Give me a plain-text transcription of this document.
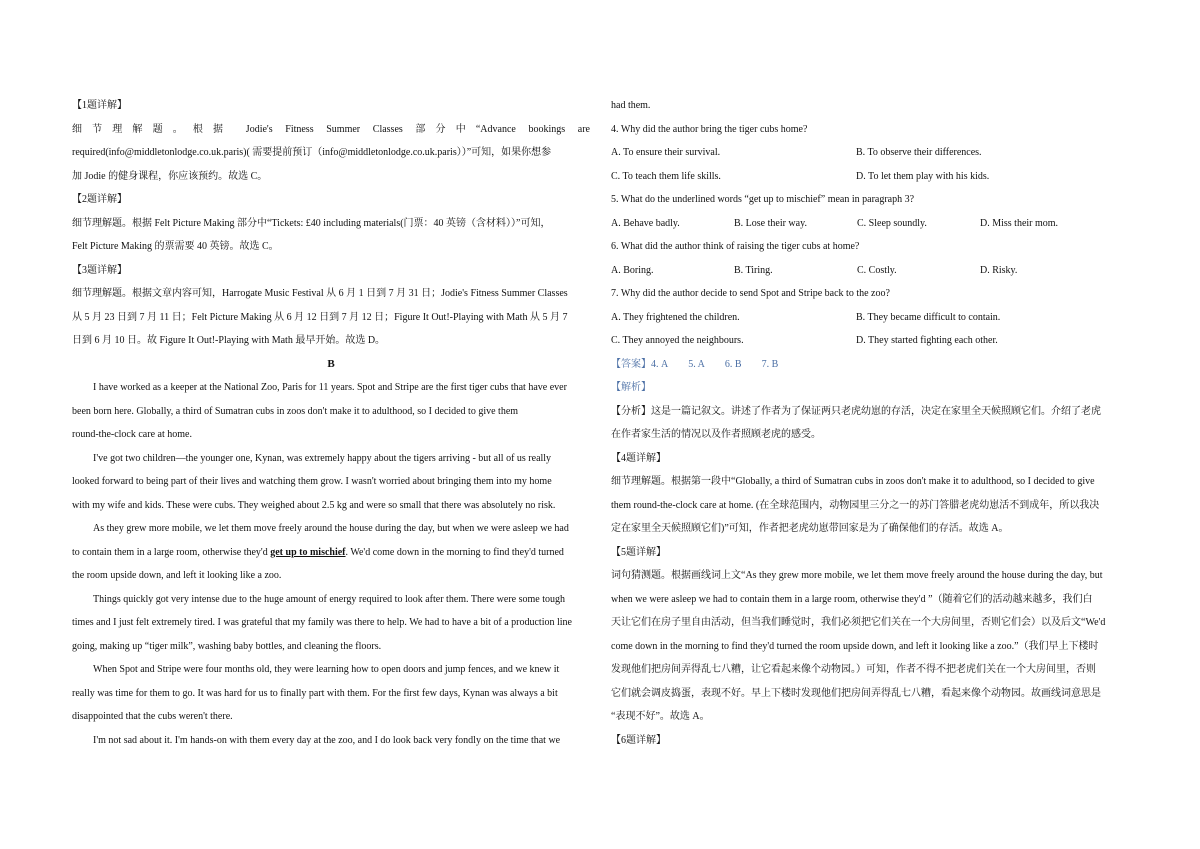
【1题详解】
细节理解题。根据 Jodie's Fitness Summer Classes 部分中“Advance bookings are
required(info@middletonlodge.co.uk.paris)( 需要提前预订（info@middletonlodge.co.uk.paris））”可知，如果你想参
加 Jodie 的健身课程，你应该预约。故选 C。
【2题详解】
细节理解题。根据 Felt Picture Making 部分中“Tickets: £40 including materials(门票：40 英镑（含材料））”可知，
Felt Picture Making 的票需要 40 英镑。故选 C。
【3题详解】
细节理解题。根据文章内容可知，Harrogate Music Festival 从 6 月 1 日到 7 月 31 日；Jodie's Fitness Summer Classes
从 5 月 23 日到 7 月 11 日；Felt Picture Making 从 6 月 12 日到 7 月 12 日；Figure It Out!-Playing with Math 从 5 月 7
日到 6 月 10 日。故 Figure It Out!-Playing with Math 最早开始。故选 D。
B
I have worked as a keeper at the National Zoo, Paris for 11 years. Spot and Stripe are the first tiger cubs that have ever
been born here. Globally, a third of Sumatran cubs in zoos don't make it to adulthood, so I decided to give them
round-the-clock care at home.
I've got two children—the younger one, Kynan, was extremely happy about the tigers arriving - but all of us really
looked forward to being part of their lives and watching them grow. I wasn't worried about bringing them into my home
with my wife and kids. These were cubs. They weighed about 2.5 kg and were so small that there was absolutely no risk.
As they grew more mobile, we let them move freely around the house during the day, but when we were asleep we had
to contain them in a large room, otherwise they'd get up to mischief. We'd come down in the morning to find they'd turned
the room upside down, and left it looking like a zoo.
Things quickly got very intense due to the huge amount of energy required to look after them. There were some tough
times and I just felt extremely tired. I was grateful that my family was there to help. We had to have a bit of a production line
going, making up “tiger milk”, washing baby bottles, and cleaning the floors.
When Spot and Stripe were four months old, they were learning how to open doors and jump fences, and we knew it
really was time for them to go. It was hard for us to finally part with them. For the first few days, Kynan was always a bit
disappointed that the cubs weren't there.
I'm not sad about it. I'm hands-on with them every day at the zoo, and I do look back very fondly on the time that we
had them.
4. Why did the author bring the tiger cubs home?
A. To ensure their survival.	B. To observe their differences.
C. To teach them life skills.	D. To let them play with his kids.
5. What do the underlined words “get up to mischief” mean in paragraph 3?
A. Behave badly.	B. Lose their way.	C. Sleep soundly.	D. Miss their mom.
6. What did the author think of raising the tiger cubs at home?
A. Boring.	B. Tiring.	C. Costly.	D. Risky.
7. Why did the author decide to send Spot and Stripe back to the zoo?
A. They frightened the children.	B. They became difficult to contain.
C. They annoyed the neighbours.	D. They started fighting each other.
【答案】4. A 5. A 6. B 7. B
【解析】
【分析】这是一篇记叙文。讲述了作者为了保证两只老虎幼崽的存活，决定在家里全天候照顾它们。介绍了老虎
在作者家生活的情况以及作者照顾老虎的感受。
【4题详解】
细节理解题。根据第一段中“Globally, a third of Sumatran cubs in zoos don't make it to adulthood, so I decided to give
them round-the-clock care at home. (在全球范围内，动物园里三分之一的苏门答腊老虎幼崽活不到成年，所以我决
定在家里全天候照顾它们)”可知，作者把老虎幼崽带回家是为了确保他们的存活。故选 A。
【5题详解】
词句猜测题。根据画线词上文“As they grew more mobile, we let them move freely around the house during the day, but
when we were asleep we had to contain them in a large room, otherwise they'd ”（随着它们的活动越来越多，我们白
天让它们在房子里自由活动，但当我们睡觉时，我们必须把它们关在一个大房间里，否则它们会）以及后文“We'd
come down in the morning to find they'd turned the room upside down, and left it looking like a zoo.”（我们早上下楼时
发现他们把房间弄得乱七八糟，让它看起来像个动物园。）可知，作者不得不把老虎们关在一个大房间里，否则
它们就会调皮捣蛋，表现不好。早上下楼时发现他们把房间弄得乱七八糟，看起来像个动物园。故画线词意思是
“表现不好”。故选 A。
【6题详解】
